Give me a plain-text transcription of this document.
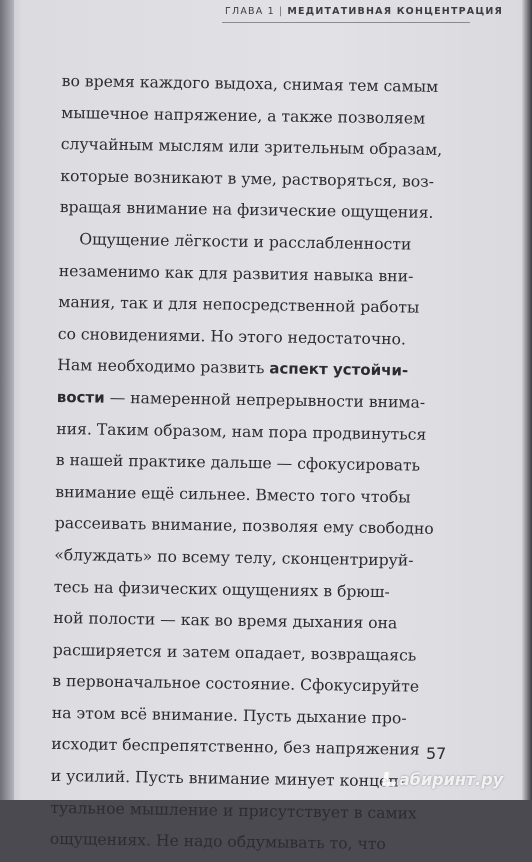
ГЛАВА 1 | МЕДИТАТИВНАЯ КОНЦЕНТРАЦИЯ
во время каждого выдоха, снимая тем самым
мышечное напряжение, а также позволяем
случайным мыслям или зрительным образам,
которые возникают в уме, растворяться, воз-
вращая внимание на физические ощущения.
Ощущение лёгкости и расслабленности
незаменимо как для развития навыка вни-
мания, так и для непосредственной работы
со сновидениями. Но этого недостаточно.
Нам необходимо развить аспект устойчи-
вости — намеренной непрерывности внима-
ния. Таким образом, нам пора продвинуться
в нашей практике дальше — сфокусировать
внимание ещё сильнее. Вместо того чтобы
рассеивать внимание, позволяя ему свободно
«блуждать» по всему телу, сконцентрируй-
тесь на физических ощущениях в брюш-
ной полости — как во время дыхания она
расширяется и затем опадает, возвращаясь
в первоначальное состояние. Сфокусируйте
на этом всё внимание. Пусть дыхание про-
исходит беспрепятственно, без напряжения
и усилий. Пусть внимание минует концеп-
туальное мышление и присутствует в самих
ощущениях. Не надо обдумывать то, что
57
абиринт.ру
